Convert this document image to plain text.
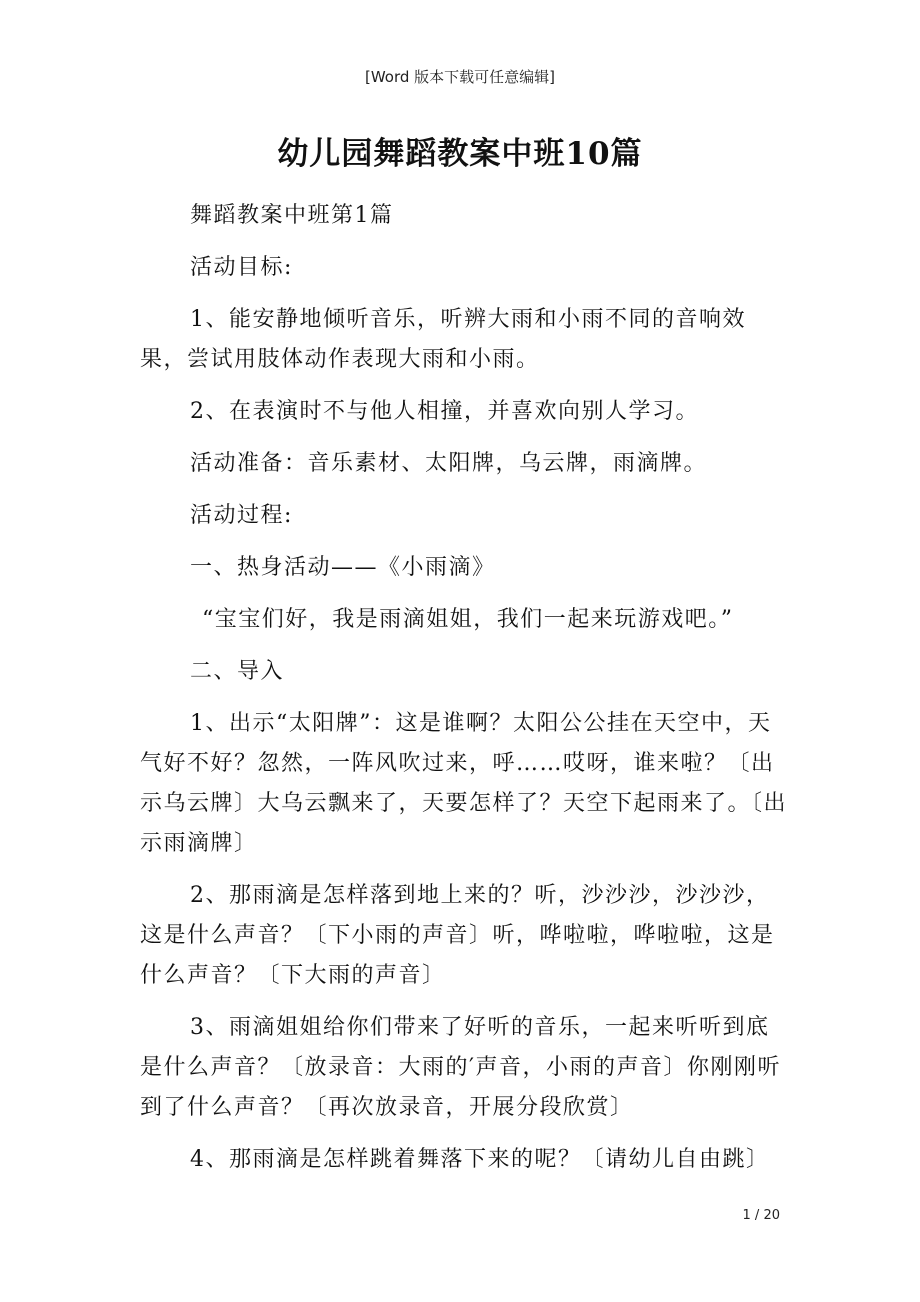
[Word 版本下载可任意编辑]
幼儿园舞蹈教案中班10篇

舞蹈教案中班第1篇

活动目标:

1、能安静地倾听音乐，听辨大雨和小雨不同的音响效果，尝试用肢体动作表现大雨和小雨。

2、在表演时不与他人相撞，并喜欢向别人学习。

活动准备：音乐素材、太阳牌，乌云牌，雨滴牌。

活动过程:

一、热身活动——《小雨滴》

“宝宝们好，我是雨滴姐姐，我们一起来玩游戏吧。”

二、导入

1、出示“太阳牌”：这是谁啊？太阳公公挂在天空中，天气好不好？忽然，一阵风吹过来，呼……哎呀，谁来啦？〔出示乌云牌〕大乌云飘来了，天要怎样了？天空下起雨来了。〔出示雨滴牌〕

2、那雨滴是怎样落到地上来的？听，沙沙沙，沙沙沙，这是什么声音？〔下小雨的声音〕听，哗啦啦，哗啦啦，这是什么声音？〔下大雨的声音〕

3、雨滴姐姐给你们带来了好听的音乐，一起来听听到底是什么声音？〔放录音：大雨的′声音，小雨的声音〕你刚刚听到了什么声音？〔再次放录音，开展分段欣赏〕

4、那雨滴是怎样跳着舞落下来的呢？〔请幼儿自由跳〕

1 / 20
